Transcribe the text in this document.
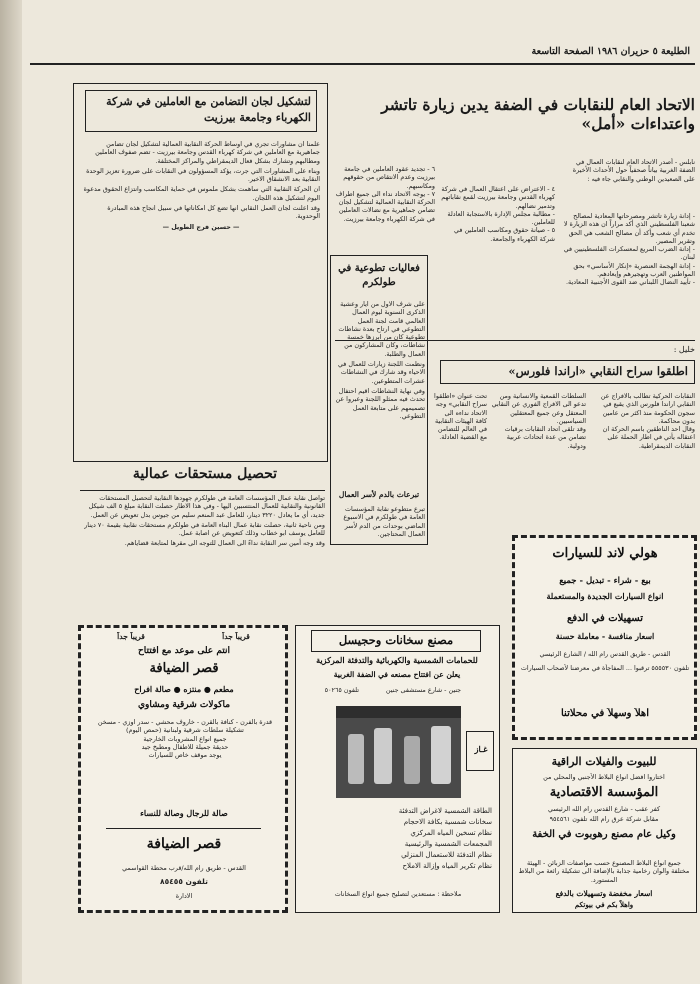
الطليعة ٥ حزيران ١٩٨٦ الصفحة التاسعة
الاتحاد العام للنقابات في الضفة يدين زيارة تاتشر واعتداءات «أمل»
نابلس - أصدر الاتحاد العام لنقابات العمال في الضفة الغربية بياناً صحفياً حول الأحداث الأخيرة على الصعيدين الوطني والنقابي جاء فيه :
- إدانة زيارة تاتشر ومصرحاتها المعادية لمصالح شعبنا الفلسطيني الذي أكد مراراً ان هذه الزيارة لا تخدم أي شعب وأكد أن مصالح الشعب هي الحق وتقرير المصير.
- إدانة الضرب المريع لمعسكرات الفلسطينيين في لبنان.
- إدانة الهجمة العنصرية «إنكار الأساسي» بحق المواطنين العرب وتهجيرهم وإبعادهم.
- تأييد النضال اللبناني ضد القوى الأجنبية المعادية.
٤ - الاعتراض على اعتقال العمال في شركة كهرباء القدس وجامعة بيرزيت لقمع نقاباتهم وتدمير نضالهم.
- مطالبة مجلس الإدارة بالاستجابة العادلة للعاملين.
٥ - صيانة حقوق ومكاسب العاملين في شركة الكهرباء والجامعة.
٦ - تجديد عقود العاملين في جامعة بيرزيت وعدم الانتقاص من حقوقهم ومكاسبهم.
٧ - يوجه الاتحاد نداء الى جميع اطراف الحركة النقابية العمالية لتشكيل لجان تضامن جماهيرية مع نضالات العاملين في شركة الكهرباء وجامعة بيرزيت.
لتشكيل لجان التضامن مع العاملين في شركة الكهرباء وجامعة بيرزيت

علمنا ان مشاورات تجري في اوساط الحركة النقابية العمالية لتشكيل لجان تضامن جماهيرية مع العاملين في شركة كهرباء القدس وجامعة بيرزيت - تضم صفوف العاملين ومطالبهم وتشارك بشكل فعال الديمقراطي والمراكز المختلفة.

وبناء على المشاورات التي جرت، يؤكد المسؤولون في النقابات على ضرورة تعزيز الوحدة النقابية بعد الانشقاق الاخير.

ان الحركة النقابية التي ساهمت بشكل ملموس في حماية المكاسب وانتزاع الحقوق مدعوة اليوم لتشكيل هذه اللجان.

وقد اعلنت لجان العمل النقابي انها تضع كل امكاناتها في سبيل انجاح هذه المبادرة الوحدوية.

— حسين فرج الطويل —

فعاليات تطوعية في طولكرم

على شرف الاول من ايار وعشية الذكرى السنوية ليوم العمال العالمي قامت لجنة العمل التطوعي في ارتاح بعدة نشاطات تطوعية كان من ابرزها خمسة نشاطات، وكان المشاركون من العمال والطلبة.

ونظمت اللجنة زيارات للعمال في الاحياء وقد شارك في النشاطات عشرات المتطوعين.

وفي نهاية النشاطات اقيم احتفال تحدث فيه ممثلو اللجنة وعبروا عن تصميمهم على متابعة العمل التطوعي.

تبرعات بالدم لأسر العمال
تبرع متطوعو نقابة المؤسسات العامة في طولكرم في الاسبوع الماضي بوحدات من الدم لأسر العمال المحتاجين.
خليل :
اطلقوا سراح النقابي «اراندا فلورس»
النقابات الحركية تطالب بالافراج عن النقابي اراندا فلورس الذي يقبع في سجون الحكومة منذ اكثر من عامين بدون محاكمة.
وقال احد الناطقين باسم الحركة ان اعتقاله يأتي في اطار الحملة على النقابات الديمقراطية.
السلطات القمعية والانسانية ومن تدعو الى الافراج الفوري عن النقابي المعتقل وعن جميع المعتقلين السياسيين.
وقد تلقى اتحاد النقابات برقيات تضامن من عدة اتحادات عربية ودولية.
تحت عنوان «اطلقوا سراح النقابي» وجه الاتحاد نداءه الى كافة الهيئات النقابية في العالم للتضامن مع القضية العادلة.
تحصيل مستحقات عمالية

تواصل نقابة عمال المؤسسات العامة في طولكرم جهودها النقابية لتحصيل المستحقات القانونية والنقابية للعمال المنتسبين اليها - وفي هذا الاطار حصلت النقابة مبلغ ٥ الف شيكل جديد، أي ما يعادل ٣٢٢٠ دينار، للعامل عبد المنعم سليم من جيوس بدل تعويض عن العمل.

ومن ناحية ثانية، حصلت نقابة عمال البناء العامة في طولكرم مستحقات نقابية بقيمة ٧٠ دينار للعامل يوسف ابو خطاب وذلك كتعويض عن اصابة عمل.

وقد وجه أمين سر النقابة نداءً الى العمال للتوجه الى مقرها لمتابعة قضاياهم.

هولي لاند للسيارات
بيع - شراء - تبديل - جميع
انواع السيارات الجديدة والمستعملة
تسهيلات في الدفع
اسعار منافسة - معاملة حسنة
القدس - طريق القدس رام الله / الشارع الرئيسي
تلفون ٥٥٥٥٣٠ ترقبوا ... المفاجأة في معرضنا لأصحاب السيارات
اهلاً وسهلاً في محلاتنا
للبيوت والفيلات الراقية
اختاروا افضل انواع البلاط الأجنبي والمحلي من
المؤسسة الاقتصادية
كفر عقب - شارع القدس رام الله الرئيسي
مقابل شركة عرق رام الله تلفون ٩٥٤٥٦١
وكيل عام مصنع رهوبوت في الخفة
جميع انواع البلاط المصنوع حسب مواصفات الزبائن - الهيئة مختلفة والوان رخامية جذابة بالإضافة الى تشكيلة رائعة من البلاط المستورد.
اسعار مخفضة وتسهيلات بالدفع
واهلاً بكم في بيوتكم
مصنع سخانات وحجيسل
للحمامات الشمسية والكهربائية والتدفئة المركزية
يعلن عن افتتاح مصنعه في الضفة الغربية
جنين - شارع مستشفى جنين
تلفون ٥٠٢٦٥
غـاز
الطاقة الشمسية لاغراض التدفئة
سخانات شمسية بكافة الاحجام
نظام تسخين المياه المركزي
المجمعات الشمسية والرئيسية
نظام التدفئة للاستعمال المنزلي
نظام تكرير المياه وإزالة الاملاح
ملاحظة : مستعدين لتصليح جميع انواع السخانات
قريباً جداً
قريباً جداً
انتم على موعد مع افتتاح
قصر الضيافة
مطعم ● منتزه ● صالة افراح
ماكولات شرقية ومشاوي
قدرة بالفرن - كنافة بالقرن - خاروف محشي - سدر اوزي - مسخن
تشكيلة سلطات شرقية ولبنانية (حمص اليوم)
جميع انواع المشروبات الخارجية
حديقة جميلة للاطفال ومطبخ جيد
يوجد موقف خاص للسيارات
صالة للرجال وصالة للنساء
قصر الضيافة
القدس - طريق رام الله/قرب محطة القواسمي
تلفون ٨٥٤٥٥
الادارة
